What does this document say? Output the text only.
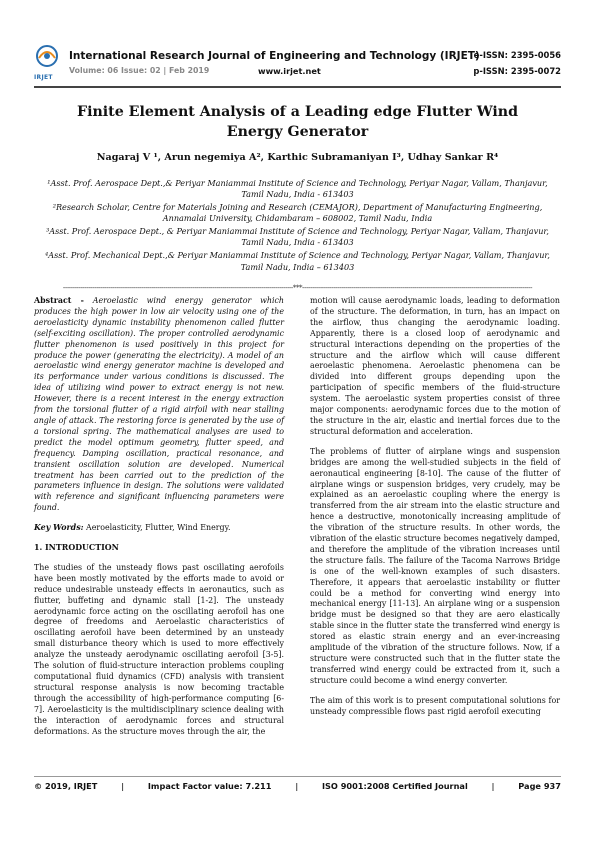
IRJET
International Research Journal of Engineering and Technology (IRJET)
e-ISSN: 2395-0056
Volume: 06 Issue: 02 | Feb 2019	www.irjet.net	p-ISSN: 2395-0072
Finite Element Analysis of a Leading edge Flutter Wind
Energy Generator
Nagaraj V ¹, Arun negemiya A², Karthic Subramaniyan I³, Udhay Sankar R⁴

¹Asst. Prof. Aerospace Dept.,& Periyar Maniammai Institute of Science and Technology, Periyar Nagar, Vallam, Thanjavur, Tamil Nadu, India - 613403

²Research Scholar, Centre for Materials Joining and Research (CEMAJOR), Department of Manufacturing Engineering, Annamalai University, Chidambaram – 608002, Tamil Nadu, India

³Asst. Prof. Aerospace Dept., & Periyar Maniammai Institute of Science and Technology, Periyar Nagar, Vallam, Thanjavur, Tamil Nadu, India - 613403

⁴Asst. Prof. Mechanical Dept.,& Periyar Maniammai Institute of Science and Technology, Periyar Nagar, Vallam, Thanjavur, Tamil Nadu, India – 613403

---------------------------------------------------------------------------------------------------------------------***---------------------------------------------------------------------------------------------------------------------

Abstract - Aeroelastic wind energy generator which produces the high power in low air velocity using one of the aeroelasticity dynamic instability phenomenon called flutter (self-exciting oscillation). The proper controlled aerodynamic flutter phenomenon is used positively in this project for produce the power (generating the electricity). A model of an aeroelastic wind energy generator machine is developed and its performance under various conditions is discussed. The idea of utilizing wind power to extract energy is not new. However, there is a recent interest in the energy extraction from the torsional flutter of a rigid airfoil with near stalling angle of attack. The restoring force is generated by the use of a torsional spring. The mathematical analyses are used to predict the model optimum geometry, flutter speed, and frequency. Damping oscillation, practical resonance, and transient oscillation solution are developed. Numerical treatment has been carried out to the prediction of the parameters influence in design. The solutions were validated with reference and significant influencing parameters were found.

Key Words: Aeroelasticity, Flutter, Wind Energy.

1. INTRODUCTION

The studies of the unsteady flows past oscillating aerofoils have been mostly motivated by the efforts made to avoid or reduce undesirable unsteady effects in aeronautics, such as flutter, buffeting and dynamic stall [1-2]. The unsteady aerodynamic force acting on the oscillating aerofoil has one degree of freedoms and Aeroelastic characteristics of oscillating aerofoil have been determined by an unsteady small disturbance theory which is used to more effectively analyze the unsteady aerodynamic oscillating aerofoil [3-5]. The solution of fluid-structure interaction problems coupling computational fluid dynamics (CFD) analysis with transient structural response analysis is now becoming tractable through the accessibility of high-performance computing [6-7]. Aeroelasticity is the multidisciplinary science dealing with the interaction of aerodynamic forces and structural deformations. As the structure moves through the air, the

motion will cause aerodynamic loads, leading to deformation of the structure. The deformation, in turn, has an impact on the airflow, thus changing the aerodynamic loading. Apparently, there is a closed loop of aerodynamic and structural interactions depending on the properties of the structure and the airflow which will cause different aeroelastic phenomena. Aeroelastic phenomena can be divided into different groups depending upon the participation of specific members of the fluid-structure system. The aeroelastic system properties consist of three major components: aerodynamic forces due to the motion of the structure in the air, elastic and inertial forces due to the structural deformation and acceleration.

The problems of flutter of airplane wings and suspension bridges are among the well-studied subjects in the field of aeronautical engineering [8-10]. The cause of the flutter of airplane wings or suspension bridges, very crudely, may be explained as an aeroelastic coupling where the energy is transferred from the air stream into the elastic structure and hence a destructive, monotonically increasing amplitude of the vibration of the structure results. In other words, the vibration of the elastic structure becomes negatively damped, and therefore the amplitude of the vibration increases until the structure fails. The failure of the Tacoma Narrows Bridge is one of the well-known examples of such disasters. Therefore, it appears that aeroelastic instability or flutter could be a method for converting wind energy into mechanical energy [11-13]. An airplane wing or a suspension bridge must be designed so that they are aero elastically stable since in the flutter state the transferred wind energy is stored as elastic strain energy and an ever-increasing amplitude of the vibration of the structure follows. Now, if a structure were constructed such that in the flutter state the transferred wind energy could be extracted from it, such a structure could become a wind energy converter.

The aim of this work is to present computational solutions for unsteady compressible flows past rigid aerofoil executing

© 2019, IRJET	|	Impact Factor value: 7.211	|	ISO 9001:2008 Certified Journal	|	Page 937
